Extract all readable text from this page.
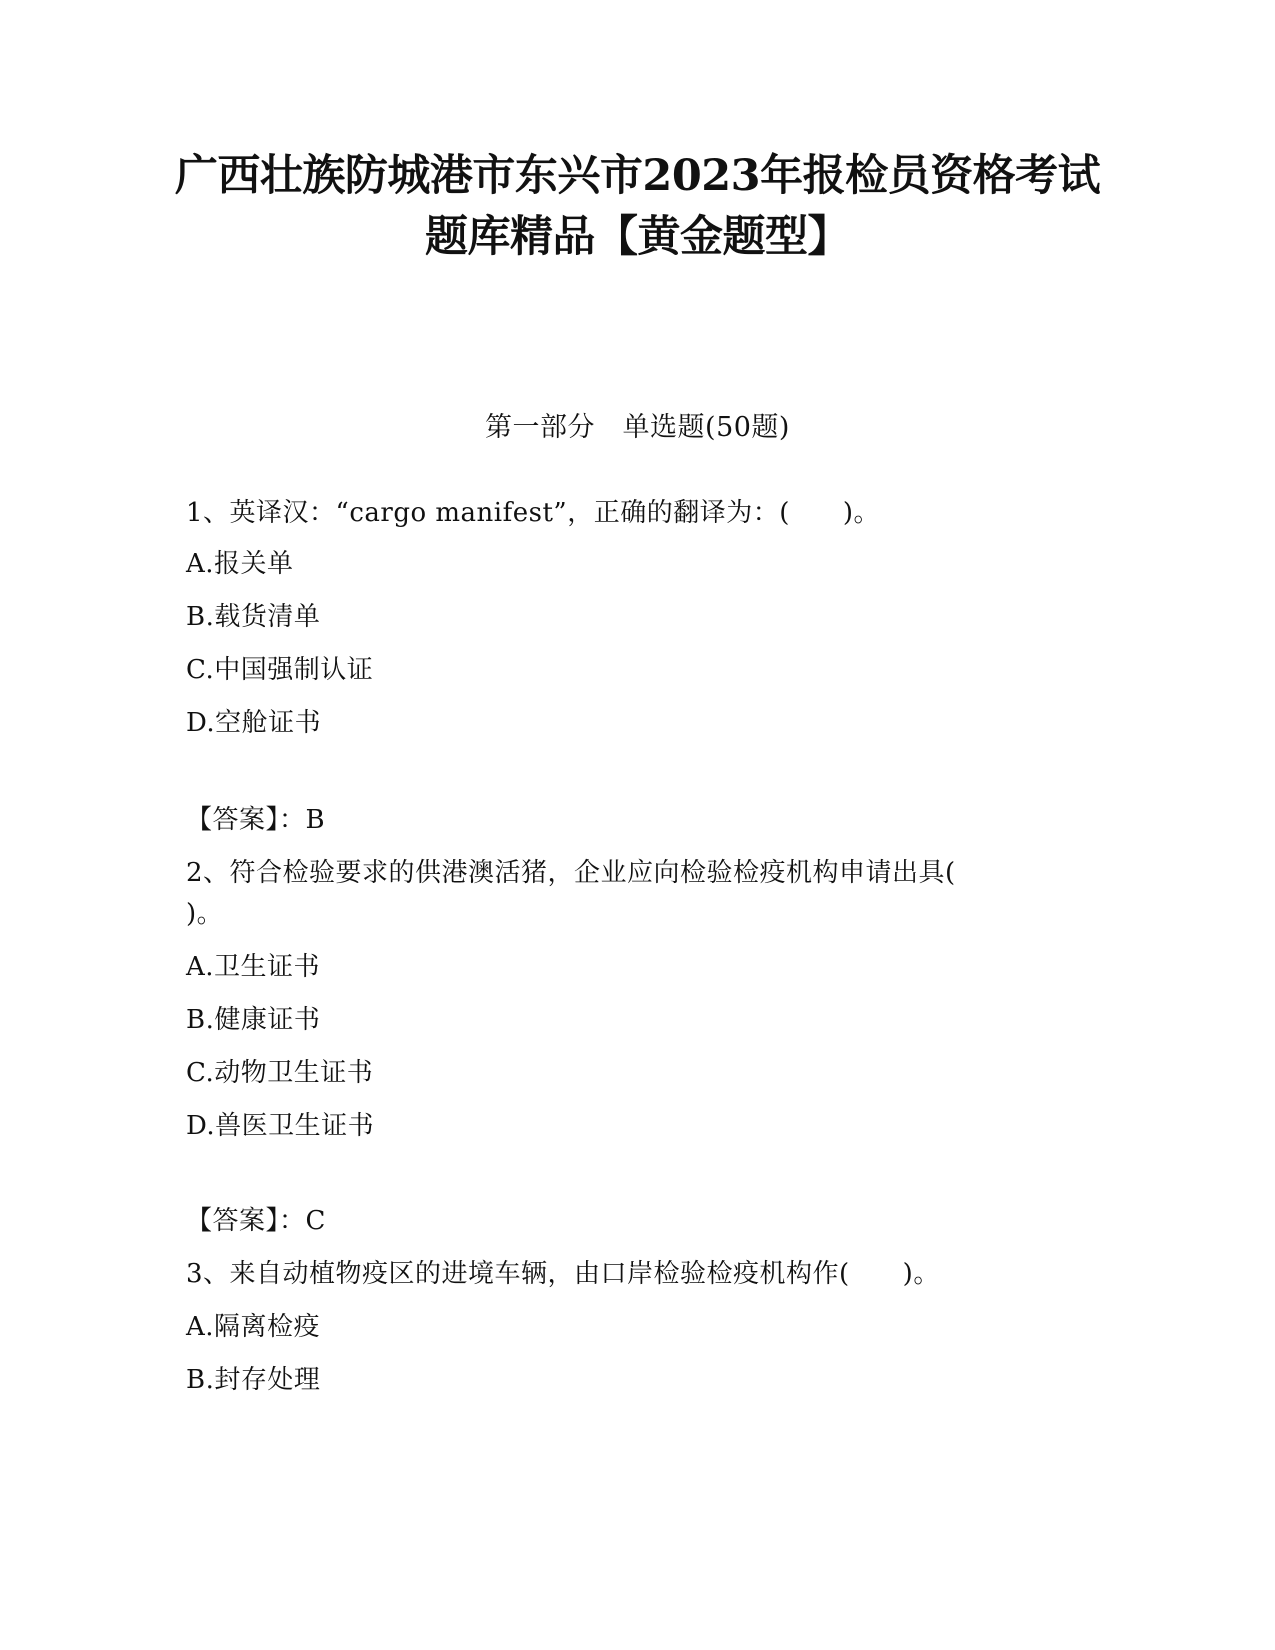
广西壮族防城港市东兴市2023年报检员资格考试
题库精品【黄金题型】
第一部分　单选题(50题)
1、英译汉：“cargo manifest”，正确的翻译为：(　　)。
A.报关单
B.载货清单
C.中国强制认证
D.空舱证书
【答案】：B
2、符合检验要求的供港澳活猪，企业应向检验检疫机构申请出具(
)。
A.卫生证书
B.健康证书
C.动物卫生证书
D.兽医卫生证书
【答案】：C
3、来自动植物疫区的进境车辆，由口岸检验检疫机构作(　　)。
A.隔离检疫
B.封存处理
